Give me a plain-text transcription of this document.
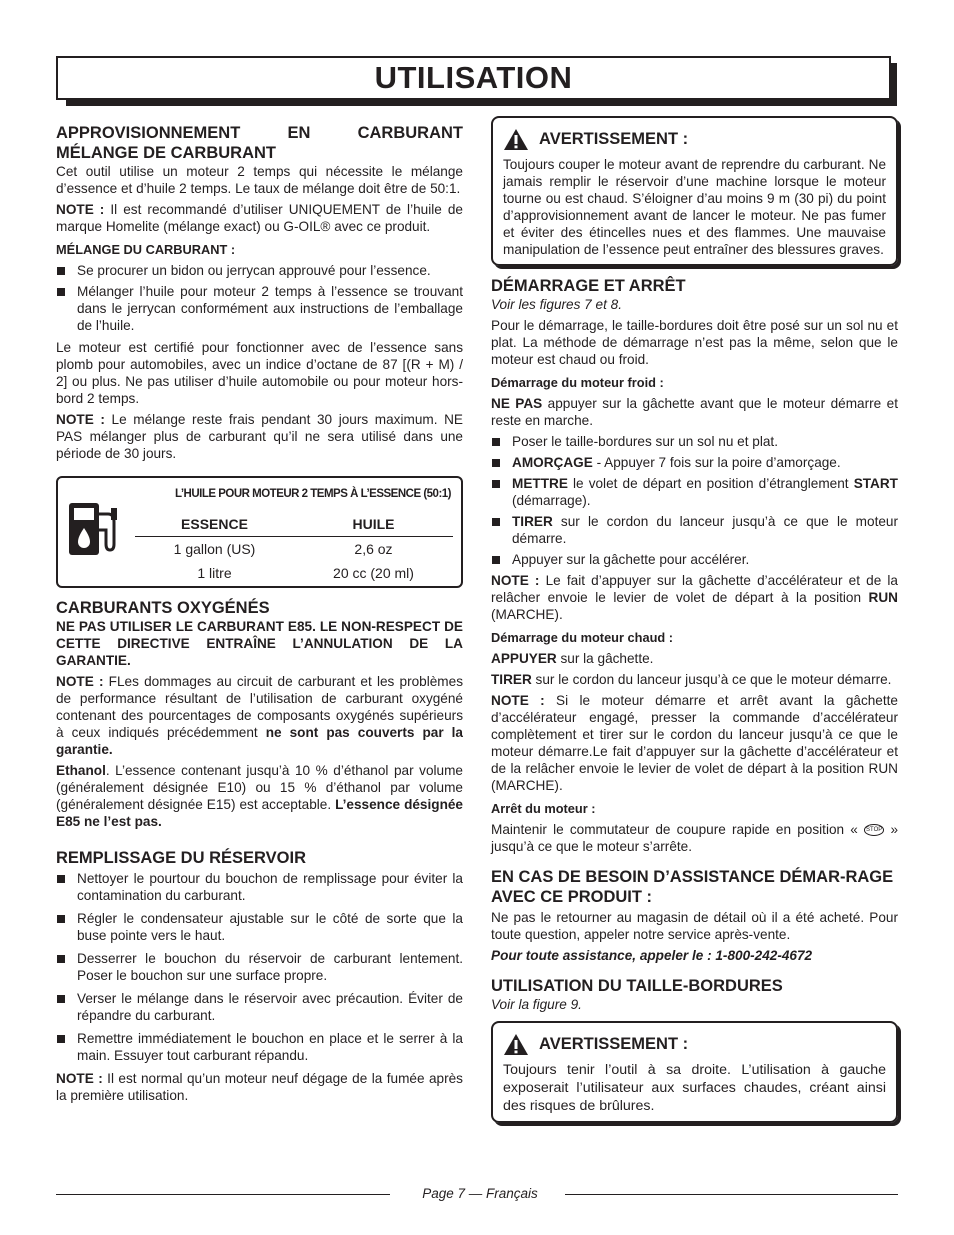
UTILISATION
APPROVISIONNEMENT EN CARBURANT
MÉLANGE DE CARBURANT

Cet outil utilise un moteur 2 temps qui nécessite le mélange d’essence et d’huile 2 temps. Le taux de mélange doit être de 50:1.

NOTE : Il est recommandé d’utiliser UNIQUEMENT de l’huile de marque Homelite (mélange exact) ou G-OIL® avec ce produit.

MÉLANGE DU CARBURANT :
Se procurer un bidon ou jerrycan approuvé pour l’essence.
Mélanger l’huile pour moteur 2 temps à l’essence se trouvant dans le jerrycan conformément aux instructions de l’emballage de l’huile.

Le moteur est certifié pour fonctionner avec de l’essence sans plomb pour automobiles, avec un indice d’octane de 87 [(R + M) / 2] ou plus. Ne pas utiliser d’huile automobile ou pour moteur hors-bord 2 temps.

NOTE : Le mélange reste frais pendant 30 jours maximum. NE PAS mélanger plus de carburant qu’il ne sera utilisé dans une période de 30 jours.

L’HUILE POUR MOTEUR 2 TEMPS À L’ESSENCE (50:1)
ESSENCE	HUILE
1 gallon (US)	2,6 oz
1 litre	20 cc (20 ml)
CARBURANTS OXYGÉNÉS

NE PAS UTILISER LE CARBURANT E85. LE NON-RESPECT DE CETTE DIRECTIVE ENTRAÎNE L’ANNULATION DE LA GARANTIE.

NOTE : FLes dommages au circuit de carburant et les problèmes de performance résultant de l’utilisation de carburant oxygéné contenant des pourcentages de composants oxygénés supérieurs à ceux indiqués précédemment ne sont pas couverts par la garantie.

Ethanol. L’essence contenant jusqu’à 10 % d’éthanol par volume (généralement désignée E10) ou 15 % d’éthanol par volume (généralement désignée E15) est acceptable. L’essence désignée E85 ne l’est pas.

REMPLISSAGE DU RÉSERVOIR
Nettoyer le pourtour du bouchon de remplissage pour éviter la contamination du carburant.
Régler le condensateur ajustable sur le côté de sorte que la buse pointe vers le haut.
Desserrer le bouchon du réservoir de carburant lentement. Poser le bouchon sur une surface propre.
Verser le mélange dans le réservoir avec précaution. Éviter de répandre du carburant.
Remettre immédiatement le bouchon en place et le serrer à la main. Essuyer tout carburant répandu.

NOTE : Il est normal qu’un moteur neuf dégage de la fumée après la première utilisation.

AVERTISSEMENT :

Toujours couper le moteur avant de reprendre du carburant. Ne jamais remplir le réservoir d’une machine lorsque le moteur tourne ou est chaud. S’éloigner d’au moins 9 m (30 pi) du point d’approvisionnement avant de lancer le moteur. Ne pas fumer et éviter des étincelles nues et des flammes. Une mauvaise manipulation de l’essence peut entraîner des blessures graves.

DÉMARRAGE ET ARRÊT

Voir les figures 7 et 8.

Pour le démarrage, le taille-bordures doit être posé sur un sol nu et plat. La méthode de démarrage n’est pas la même, selon que le moteur est chaud ou froid.

Démarrage du moteur froid :

NE PAS appuyer sur la gâchette avant que le moteur démarre et reste en marche.

Poser le taille-bordures sur un sol nu et plat.
AMORÇAGE - Appuyer 7 fois sur la poire d’amorçage.
METTRE le volet de départ en position d’étranglement START (démarrage).
TIRER sur le cordon du lanceur jusqu’à ce que le moteur démarre.
Appuyer sur la gâchette pour accélérer.

NOTE : Le fait d’appuyer sur la gâchette d’accélérateur et de la relâcher envoie le levier de volet de départ à la position RUN (MARCHE).

Démarrage du moteur chaud :

APPUYER sur la gâchette.

TIRER sur le cordon du lanceur jusqu’à ce que le moteur démarre.

NOTE : Si le moteur démarre et arrêt avant la gâchette d’accélérateur engagé, presser la commande d’accélérateur complètement et tirer sur le cordon du lanceur jusqu’à ce que le moteur démarre.Le fait d’appuyer sur la gâchette d’accélérateur et de la relâcher envoie le levier de volet de départ à la position RUN (MARCHE).

Arrêt du moteur :

Maintenir le commutateur de coupure rapide en position « STOP » jusqu’à ce que le moteur s’arrête.

EN CAS DE BESOIN D’ASSISTANCE DÉMAR-RAGE AVEC CE PRODUIT :

Ne pas le retourner au magasin de détail où il a été acheté. Pour toute question, appeler notre service après-vente.

Pour toute assistance, appeler le : 1-800-242-4672

UTILISATION DU TAILLE-BORDURES

Voir la figure 9.

AVERTISSEMENT :

Toujours tenir l’outil à sa droite. L’utilisation à gauche exposerait l’utilisateur aux surfaces chaudes, créant ainsi des risques de brûlures.

Page 7 — Français
